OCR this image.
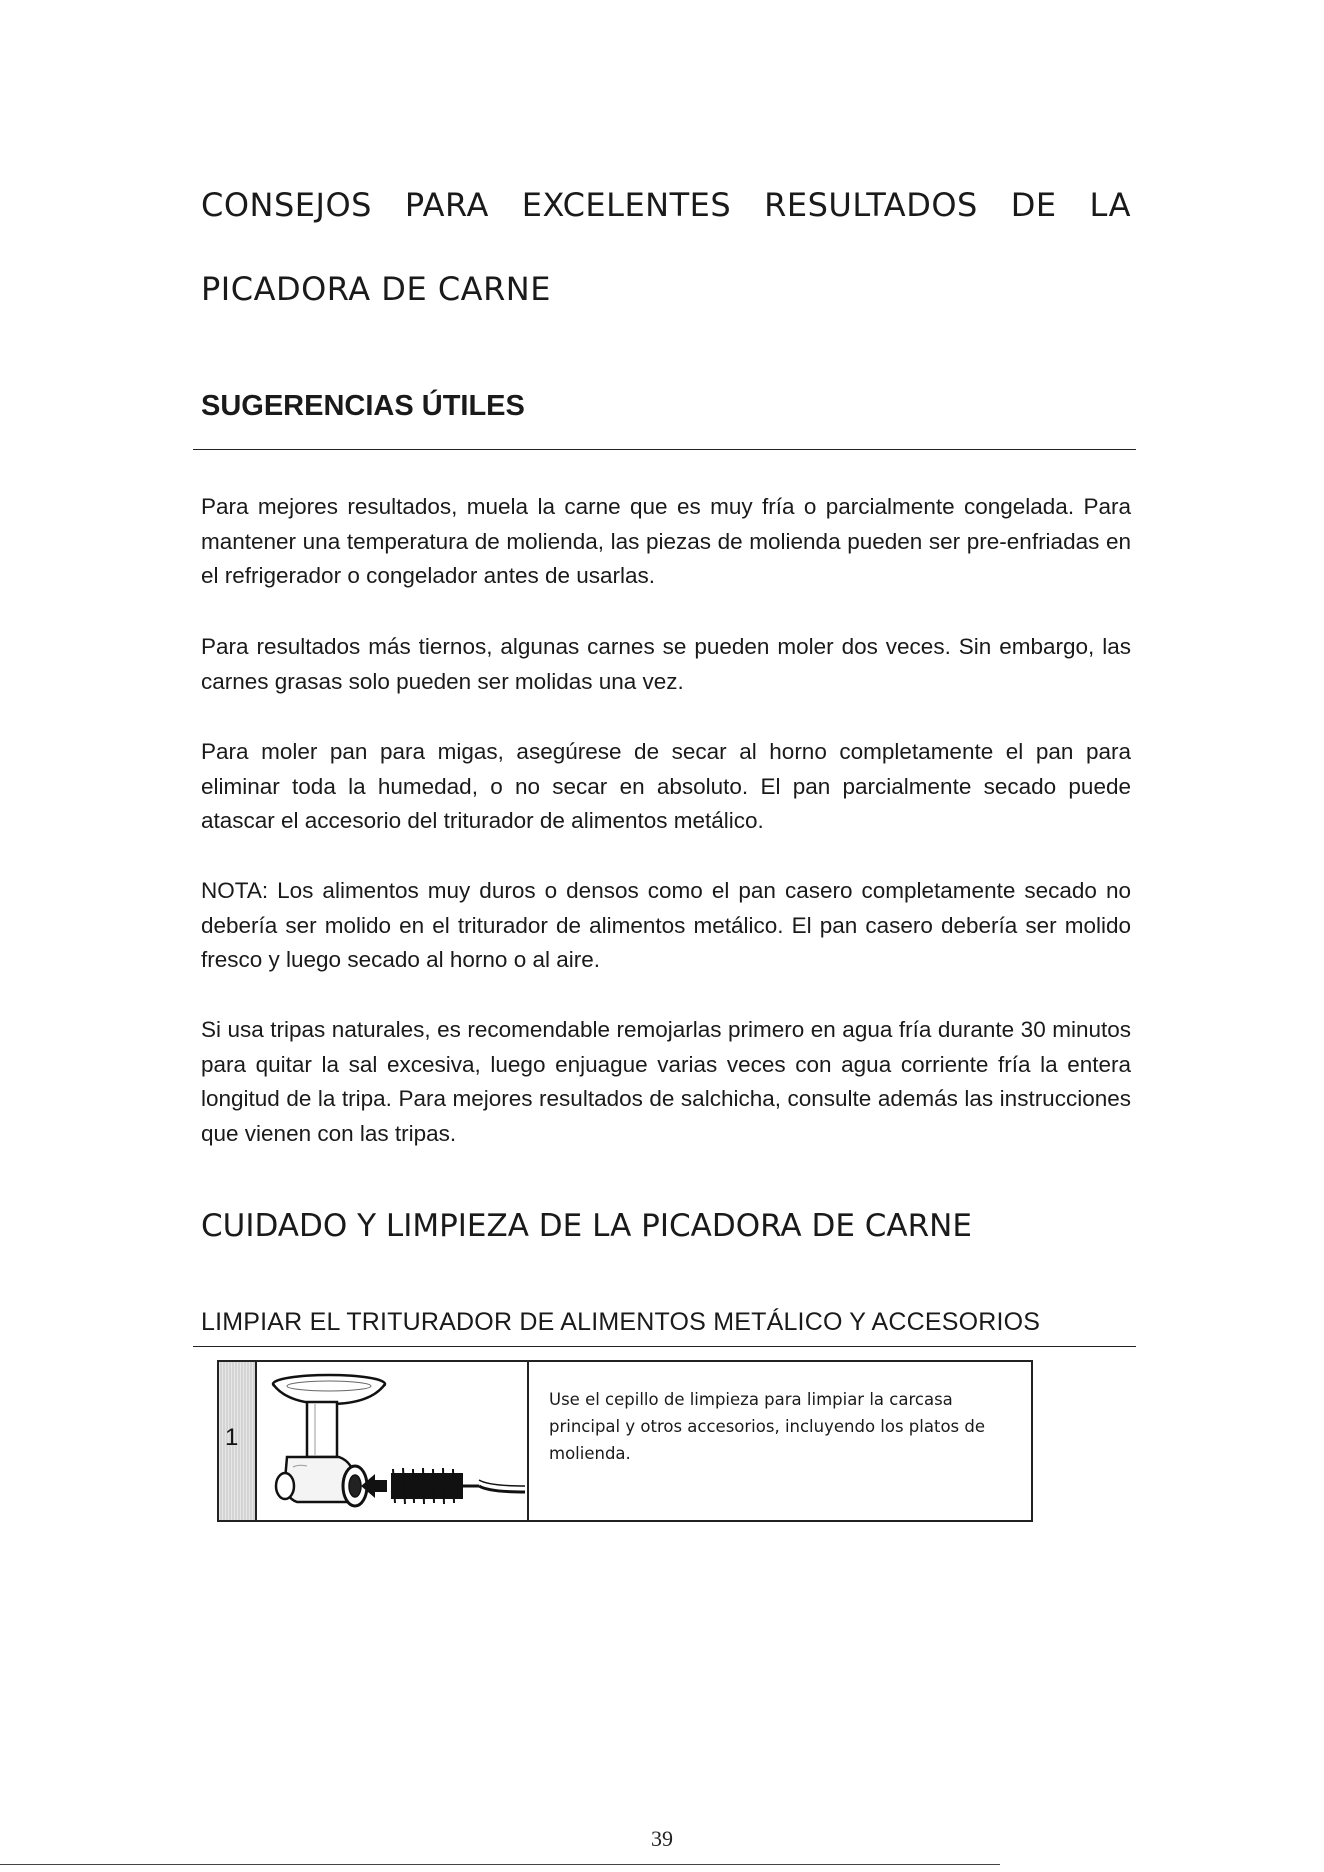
CONSEJOS PARA EXCELENTES RESULTADOS DE LA
PICADORA DE CARNE
SUGERENCIAS ÚTILES

Para mejores resultados, muela la carne que es muy fría o parcialmente congelada. Para mantener una temperatura de molienda, las piezas de molienda pueden ser pre-enfriadas en el refrigerador o congelador antes de usarlas.

Para resultados más tiernos, algunas carnes se pueden moler dos veces. Sin embargo, las carnes grasas solo pueden ser molidas una vez.

Para moler pan para migas, asegúrese de secar al horno completamente el pan para eliminar toda la humedad, o no secar en absoluto. El pan parcialmente secado puede atascar el accesorio del triturador de alimentos metálico.

NOTA: Los alimentos muy duros o densos como el pan casero completamente secado no debería ser molido en el triturador de alimentos metálico. El pan casero debería ser molido fresco y luego secado al horno o al aire.

Si usa tripas naturales, es recomendable remojarlas primero en agua fría durante 30 minutos para quitar la sal excesiva, luego enjuague varias veces con agua corriente fría la entera longitud de la tripa. Para mejores resultados de salchicha, consulte además las instrucciones que vienen con las tripas.

CUIDADO Y LIMPIEZA DE LA PICADORA DE CARNE
LIMPIAR EL TRITURADOR DE ALIMENTOS METÁLICO Y ACCESORIOS
1

Use el cepillo de limpieza para limpiar la carcasa principal y otros accesorios, incluyendo los platos de molienda.

39
